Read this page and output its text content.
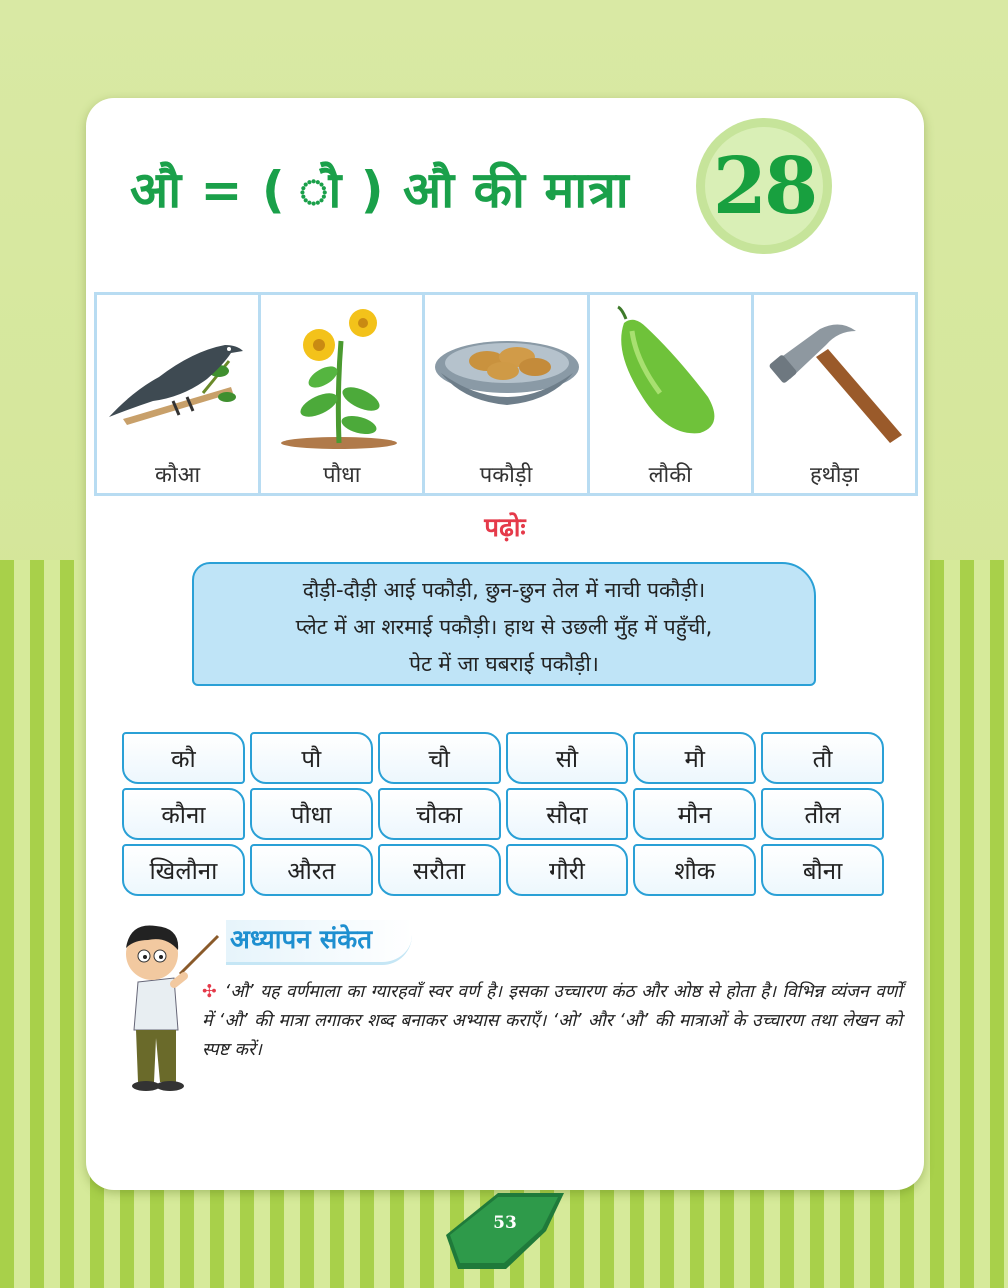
औ = ( ौ ) औ की मात्रा 28
कौआ	पौधा	पकौड़ी	लौकी	हथौड़ा
पढ़ोः
दौड़ी-दौड़ी आई पकौड़ी, छुन-छुन तेल में नाची पकौड़ी।
प्लेट में आ शरमाई पकौड़ी। हाथ से उछली मुँह में पहुँची,
पेट में जा घबराई पकौड़ी।
कौ	पौ	चौ	सौ	मौ	तौ
कौना	पौधा	चौका	सौदा	मौन	तौल
खिलौना	औरत	सरौता	गौरी	शौक	बौना
अध्यापन संकेत
✣ ‘औ’ यह वर्णमाला का ग्यारहवाँ स्वर वर्ण है। इसका उच्चारण कंठ और ओष्ठ से होता है। विभिन्न व्यंजन वर्णों में ‘औ’ की मात्रा लगाकर शब्द बनाकर अभ्यास कराएँ। ‘ओ’ और ‘औ’ की मात्राओं के उच्चारण तथा लेखन को स्पष्ट करें।
53
